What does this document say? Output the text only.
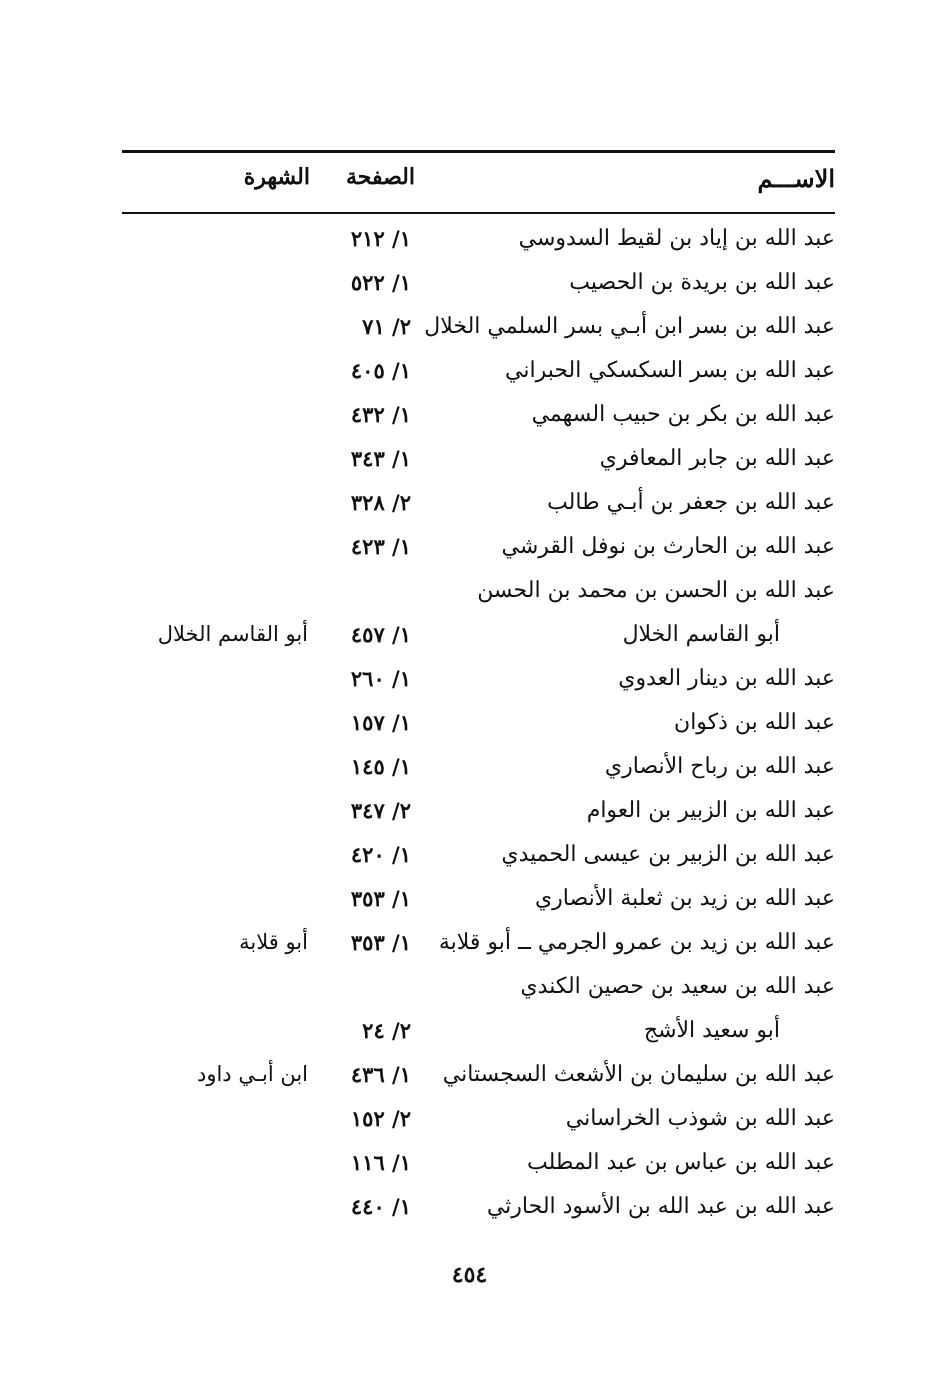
الاســـم
الصفحة
الشهرة
عبد الله بن إياد بن لقيط السدوسي
١/ ٢١٢
عبد الله بن بريدة بن الحصيب
١/ ٥٢٢
عبد الله بن بسر ابن أبـي بسر السلمي الخلال
٢/ ٧١
عبد الله بن بسر السكسكي الحبراني
١/ ٤٠٥
عبد الله بن بكر بن حبيب السهمي
١/ ٤٣٢
عبد الله بن جابر المعافري
١/ ٣٤٣
عبد الله بن جعفر بن أبـي طالب
٢/ ٣٢٨
عبد الله بن الحارث بن نوفل القرشي
١/ ٤٢٣
عبد الله بن الحسن بن محمد بن الحسن
أبو القاسم الخلال
١/ ٤٥٧
أبو القاسم الخلال
عبد الله بن دينار العدوي
١/ ٢٦٠
عبد الله بن ذكوان
١/ ١٥٧
عبد الله بن رباح الأنصاري
١/ ١٤٥
عبد الله بن الزبير بن العوام
٢/ ٣٤٧
عبد الله بن الزبير بن عيسى الحميدي
١/ ٤٢٠
عبد الله بن زيد بن ثعلبة الأنصاري
١/ ٣٥٣
عبد الله بن زيد بن عمرو الجرمي ــ أبو قلابة
١/ ٣٥٣
أبو قلابة
عبد الله بن سعيد بن حصين الكندي
أبو سعيد الأشج
٢/ ٢٤
عبد الله بن سليمان بن الأشعث السجستاني
١/ ٤٣٦
ابن أبـي داود
عبد الله بن شوذب الخراساني
٢/ ١٥٢
عبد الله بن عباس بن عبد المطلب
١/ ١١٦
عبد الله بن عبد الله بن الأسود الحارثي
١/ ٤٤٠
٤٥٤
